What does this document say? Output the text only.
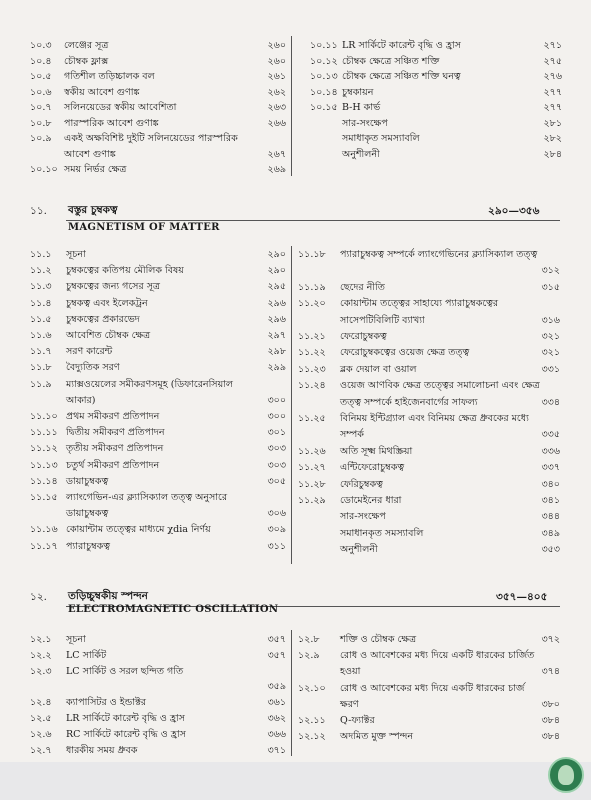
১০.৩ লেঞ্জের সূত্র	২৬০
১০.৪ চৌম্বক ফ্লাক্স	২৬০
১০.৫ গতিশীল তড়িচ্চালক বল	২৬১
১০.৬ স্বকীয় আবেশ গুণাঙ্ক	২৬২
১০.৭ সলিনয়েডের স্বকীয় আবেশিতা	২৬৩
১০.৮ পারস্পরিক আবেশ গুণাঙ্ক	২৬৬
১০.৯ একই অক্ষবিশিষ্ট দুইটি সলিনয়েডের পারস্পরিক
আবেশ গুণাঙ্ক	২৬৭
১০.১০ সময় নির্ভর ক্ষেত্র	২৬৯
১০.১১ LR সার্কিটে কারেন্ট বৃদ্ধি ও হ্রাস	২৭১
১০.১২ চৌম্বক ক্ষেত্রে সঞ্চিত শক্তি	২৭৫
১০.১৩ চৌম্বক ক্ষেত্রে সঞ্চিত শক্তি ঘনত্ব	২৭৬
১০.১৪ চুম্বকায়ন	২৭৭
১০.১৫ B-H কার্ভ	২৭৭
সার-সংক্ষেপ	২৮১
সমাধাকৃত সমস্যাবলি	২৮২
অনুশীলনী	২৮৪
১১. বস্তুর চুম্বকত্ব	২৯০—৩৫৬
MAGNETISM OF MATTER
১১.১ সূচনা	২৯০
১১.২ চুম্বকত্বের কতিপয় মৌলিক বিষয়	২৯০
১১.৩ চুম্বকত্বের জন্য গসের সূত্র	২৯৫
১১.৪ চুম্বকত্ব এবং ইলেকট্রন	২৯৬
১১.৫ চুম্বকত্বের প্রকারভেদ	২৯৬
১১.৬ আবেশিত চৌম্বক ক্ষেত্র	২৯৭
১১.৭ সরণ কারেন্ট	২৯৮
১১.৮ বৈদ্যুতিক সরণ	২৯৯
১১.৯ ম্যাক্সওয়েলের সমীকরণসমূহ (ডিফারেনসিয়াল
আকার)	৩০০
১১.১০ প্রথম সমীকরণ প্রতিপাদন	৩০০
১১.১১ দ্বিতীয় সমীকরণ প্রতিপাদন	৩০১
১১.১২ তৃতীয় সমীকরণ প্রতিপাদন	৩০৩
১১.১৩ চতুর্থ সমীকরণ প্রতিপাদন	৩০৩
১১.১৪ ডায়াচুম্বকত্ব	৩০৫
১১.১৫ ল্যাংগেভিন-এর ক্ল্যাসিক্যাল তত্ত্ব অনুসারে
ডায়াচুম্বকত্ব	৩০৬
১১.১৬ কোয়ান্টাম তত্ত্বের মাধ্যমে χdia নির্ণয়	৩০৯
১১.১৭ প্যারাচুম্বকত্ব	৩১১
১১.১৮ প্যারাচুম্বকত্ব সম্পর্কে ল্যাংগেভিনের ক্ল্যাসিক্যাল তত্ত্ব
৩১২
১১.১৯ ছেদের নীতি	৩১৫
১১.২০ কোয়ান্টাম তত্ত্বের সাহায্যে প্যারাচুম্বকত্বের
সাসেপটিবিলিটি ব্যাখ্যা	৩১৬
১১.২১ ফেরোচুম্বকত্ব	৩২১
১১.২২ ফেরোচুম্বকত্বের ওয়েজ ক্ষেত্র তত্ত্ব	৩২১
১১.২৩ ব্লক দেয়াল বা ওয়াল	৩৩১
১১.২৪ ওয়েজ আণবিক ক্ষেত্র তত্ত্বের সমালোচনা এবং ক্ষেত্র
তত্ত্ব সম্পর্কে হাইজেনবার্গের সাফল্য	৩৩৪
১১.২৫ বিনিময় ইন্টিগ্র্যাল এবং বিনিময় ক্ষেত্র ধ্রুবকের মধ্যে
সম্পর্ক	৩৩৫
১১.২৬ অতি সূক্ষ্ম মিথস্ক্রিয়া	৩৩৬
১১.২৭ এন্টিফেরোচুম্বকত্ব	৩৩৭
১১.২৮ ফেরিচুম্বকত্ব	৩৪০
১১.২৯ ডোমেইনের ধারা	৩৪১
সার-সংক্ষেপ	৩৪৪
সমাধানকৃত সমস্যাবলি	৩৪৯
অনুশীলনী	৩৫৩
১২. তড়িচ্চুম্বকীয় স্পন্দন	৩৫৭—৪০৫
ELECTROMAGNETIC OSCILLATION
১২.১ সূচনা	৩৫৭
১২.২ LC সার্কিট	৩৫৭
১২.৩ LC সার্কিট ও সরল ছন্দিত গতি
৩৫৯
১২.৪ ক্যাপাসিটর ও ইন্ডাক্টর	৩৬১
১২.৫ LR সার্কিটে কারেন্ট বৃদ্ধি ও হ্রাস	৩৬২
১২.৬ RC সার্কিটে কারেন্ট বৃদ্ধি ও হ্রাস	৩৬৬
১২.৭ ধারকীয় সময় ধ্রুবক	৩৭১
১২.৮ শক্তি ও চৌম্বক ক্ষেত্র	৩৭২
১২.৯ রোধ ও আবেশকের মধ্য দিয়ে একটি ধারকের চার্জিত
হওয়া	৩৭৪
১২.১০ রোধ ও আবেশকের মধ্য দিয়ে একটি ধারকের চার্জ
ক্ষরণ	৩৮০
১২.১১ Q-ফ্যাক্টর	৩৮৪
১২.১২ অদমিত মুক্ত স্পন্দন	৩৮৪
